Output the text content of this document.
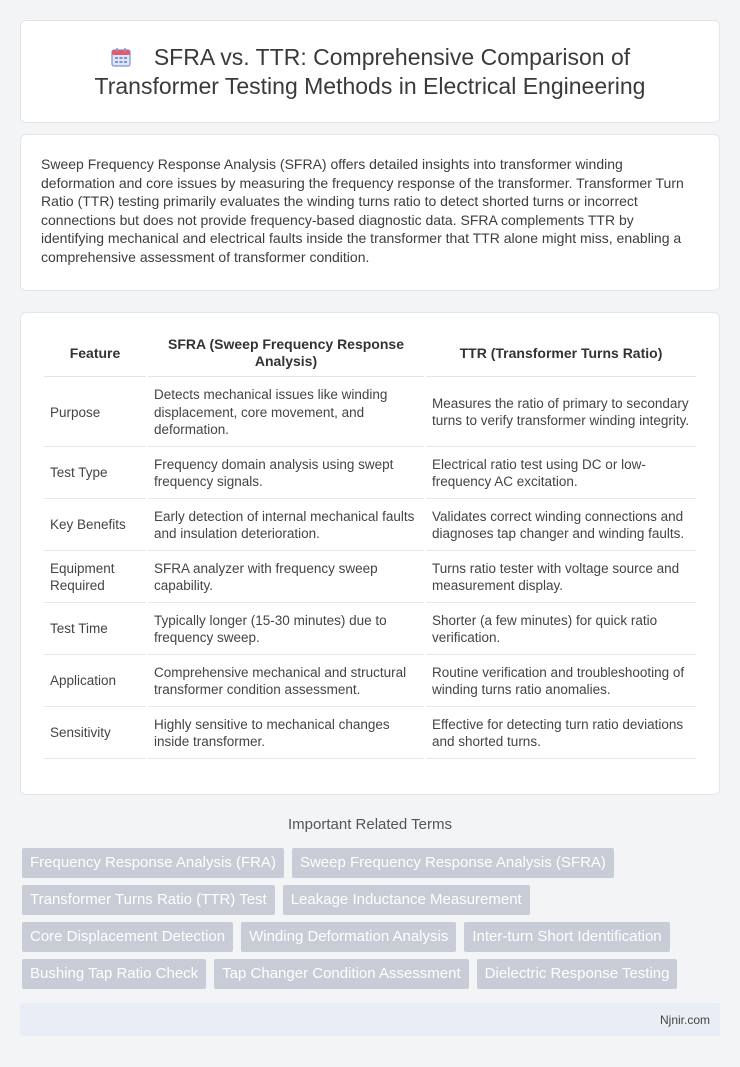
SFRA vs. TTR: Comprehensive Comparison of Transformer Testing Methods in Electrical Engineering

Sweep Frequency Response Analysis (SFRA) offers detailed insights into transformer winding deformation and core issues by measuring the frequency response of the transformer. Transformer Turn Ratio (TTR) testing primarily evaluates the winding turns ratio to detect shorted turns or incorrect connections but does not provide frequency-based diagnostic data. SFRA complements TTR by identifying mechanical and electrical faults inside the transformer that TTR alone might miss, enabling a comprehensive assessment of transformer condition.

Feature	SFRA (Sweep Frequency Response Analysis)	TTR (Transformer Turns Ratio)
Purpose	Detects mechanical issues like winding displacement, core movement, and deformation.	Measures the ratio of primary to secondary turns to verify transformer winding integrity.
Test Type	Frequency domain analysis using swept frequency signals.	Electrical ratio test using DC or low-frequency AC excitation.
Key Benefits	Early detection of internal mechanical faults and insulation deterioration.	Validates correct winding connections and diagnoses tap changer and winding faults.
Equipment Required	SFRA analyzer with frequency sweep capability.	Turns ratio tester with voltage source and measurement display.
Test Time	Typically longer (15-30 minutes) due to frequency sweep.	Shorter (a few minutes) for quick ratio verification.
Application	Comprehensive mechanical and structural transformer condition assessment.	Routine verification and troubleshooting of winding turns ratio anomalies.
Sensitivity	Highly sensitive to mechanical changes inside transformer.	Effective for detecting turn ratio deviations and shorted turns.
Important Related Terms
Frequency Response Analysis (FRA)	Sweep Frequency Response Analysis (SFRA)
Transformer Turns Ratio (TTR) Test	Leakage Inductance Measurement
Core Displacement Detection	Winding Deformation Analysis	Inter-turn Short Identification
Bushing Tap Ratio Check	Tap Changer Condition Assessment	Dielectric Response Testing
Njnir.com
